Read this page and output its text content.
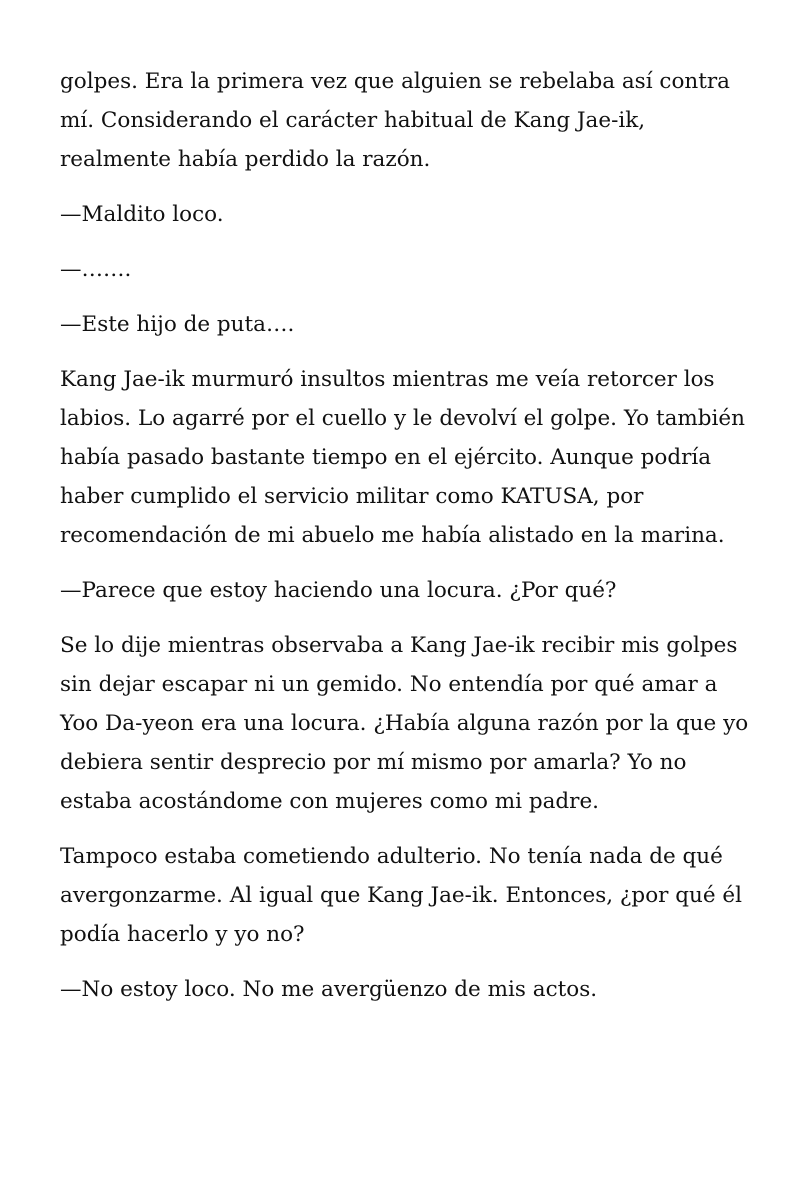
golpes. Era la primera vez que alguien se rebelaba así contra mí. Considerando el carácter habitual de Kang Jae-ik, realmente había perdido la razón.

—Maldito loco.

—…….

—Este hijo de puta….

Kang Jae-ik murmuró insultos mientras me veía retorcer los labios. Lo agarré por el cuello y le devolví el golpe. Yo también había pasado bastante tiempo en el ejército. Aunque podría haber cumplido el servicio militar como KATUSA, por recomendación de mi abuelo me había alistado en la marina.

—Parece que estoy haciendo una locura. ¿Por qué?

Se lo dije mientras observaba a Kang Jae-ik recibir mis golpes sin dejar escapar ni un gemido. No entendía por qué amar a Yoo Da-yeon era una locura. ¿Había alguna razón por la que yo debiera sentir desprecio por mí mismo por amarla? Yo no estaba acostándome con mujeres como mi padre.

Tampoco estaba cometiendo adulterio. No tenía nada de qué avergonzarme. Al igual que Kang Jae-ik. Entonces, ¿por qué él podía hacerlo y yo no?

—No estoy loco. No me avergüenzo de mis actos.
